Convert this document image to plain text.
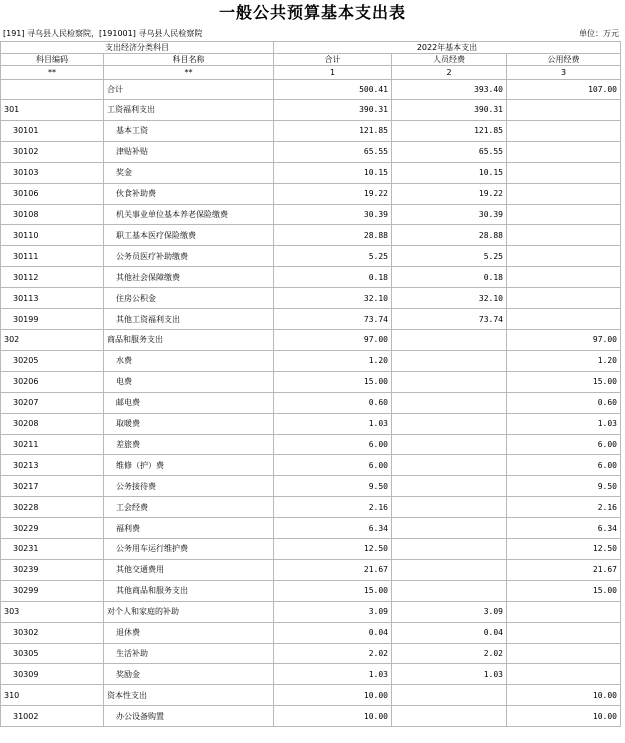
一般公共预算基本支出表
[191] 寻乌县人民检察院，[191001] 寻乌县人民检察院	单位：万元
支出经济分类科目		2022年基本支出		
科目编码	科目名称	合计	人员经费	公用经费
**	**	1	2	3
	合计	500.41	393.40	107.00
301	工资福利支出	390.31	390.31	
30101	基本工资	121.85	121.85	
30102	津贴补贴	65.55	65.55	
30103	奖金	10.15	10.15	
30106	伙食补助费	19.22	19.22	
30108	机关事业单位基本养老保险缴费	30.39	30.39	
30110	职工基本医疗保险缴费	28.88	28.88	
30111	公务员医疗补助缴费	5.25	5.25	
30112	其他社会保障缴费	0.18	0.18	
30113	住房公积金	32.10	32.10	
30199	其他工资福利支出	73.74	73.74	
302	商品和服务支出	97.00		97.00
30205	水费	1.20		1.20
30206	电费	15.00		15.00
30207	邮电费	0.60		0.60
30208	取暖费	1.03		1.03
30211	差旅费	6.00		6.00
30213	维修（护）费	6.00		6.00
30217	公务接待费	9.50		9.50
30228	工会经费	2.16		2.16
30229	福利费	6.34		6.34
30231	公务用车运行维护费	12.50		12.50
30239	其他交通费用	21.67		21.67
30299	其他商品和服务支出	15.00		15.00
303	对个人和家庭的补助	3.09	3.09	
30302	退休费	0.04	0.04	
30305	生活补助	2.02	2.02	
30309	奖励金	1.03	1.03	
310	资本性支出	10.00		10.00
31002	办公设备购置	10.00		10.00
